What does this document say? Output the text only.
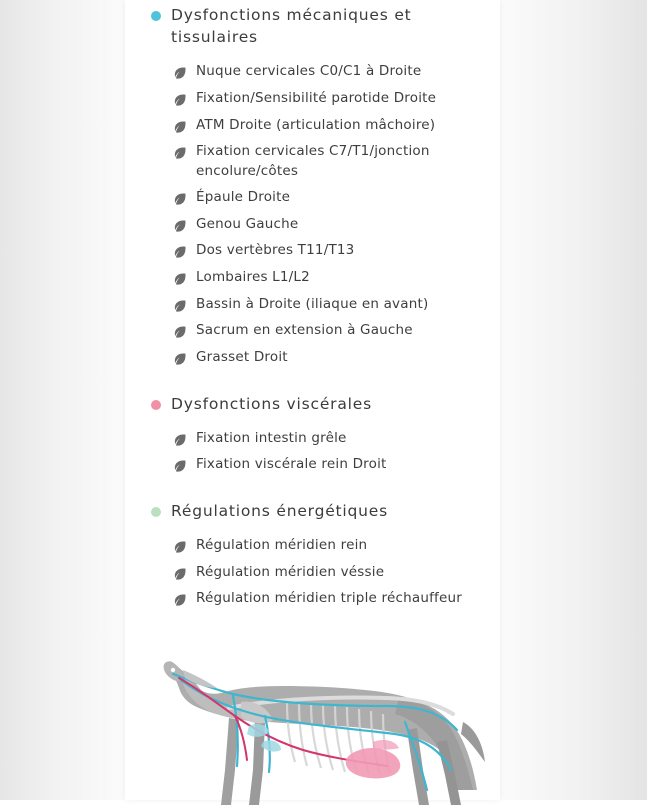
Dysfonctions mécaniques et tissulaires
Nuque cervicales C0/C1 à Droite
Fixation/Sensibilité parotide Droite
ATM Droite (articulation mâchoire)
Fixation cervicales C7/T1/jonction encolure/côtes
Épaule Droite
Genou Gauche
Dos vertèbres T11/T13
Lombaires L1/L2
Bassin à Droite (iliaque en avant)
Sacrum en extension à Gauche
Grasset Droit
Dysfonctions viscérales
Fixation intestin grêle
Fixation viscérale rein Droit
Régulations énergétiques
Régulation méridien rein
Régulation méridien véssie
Régulation méridien triple réchauffeur
